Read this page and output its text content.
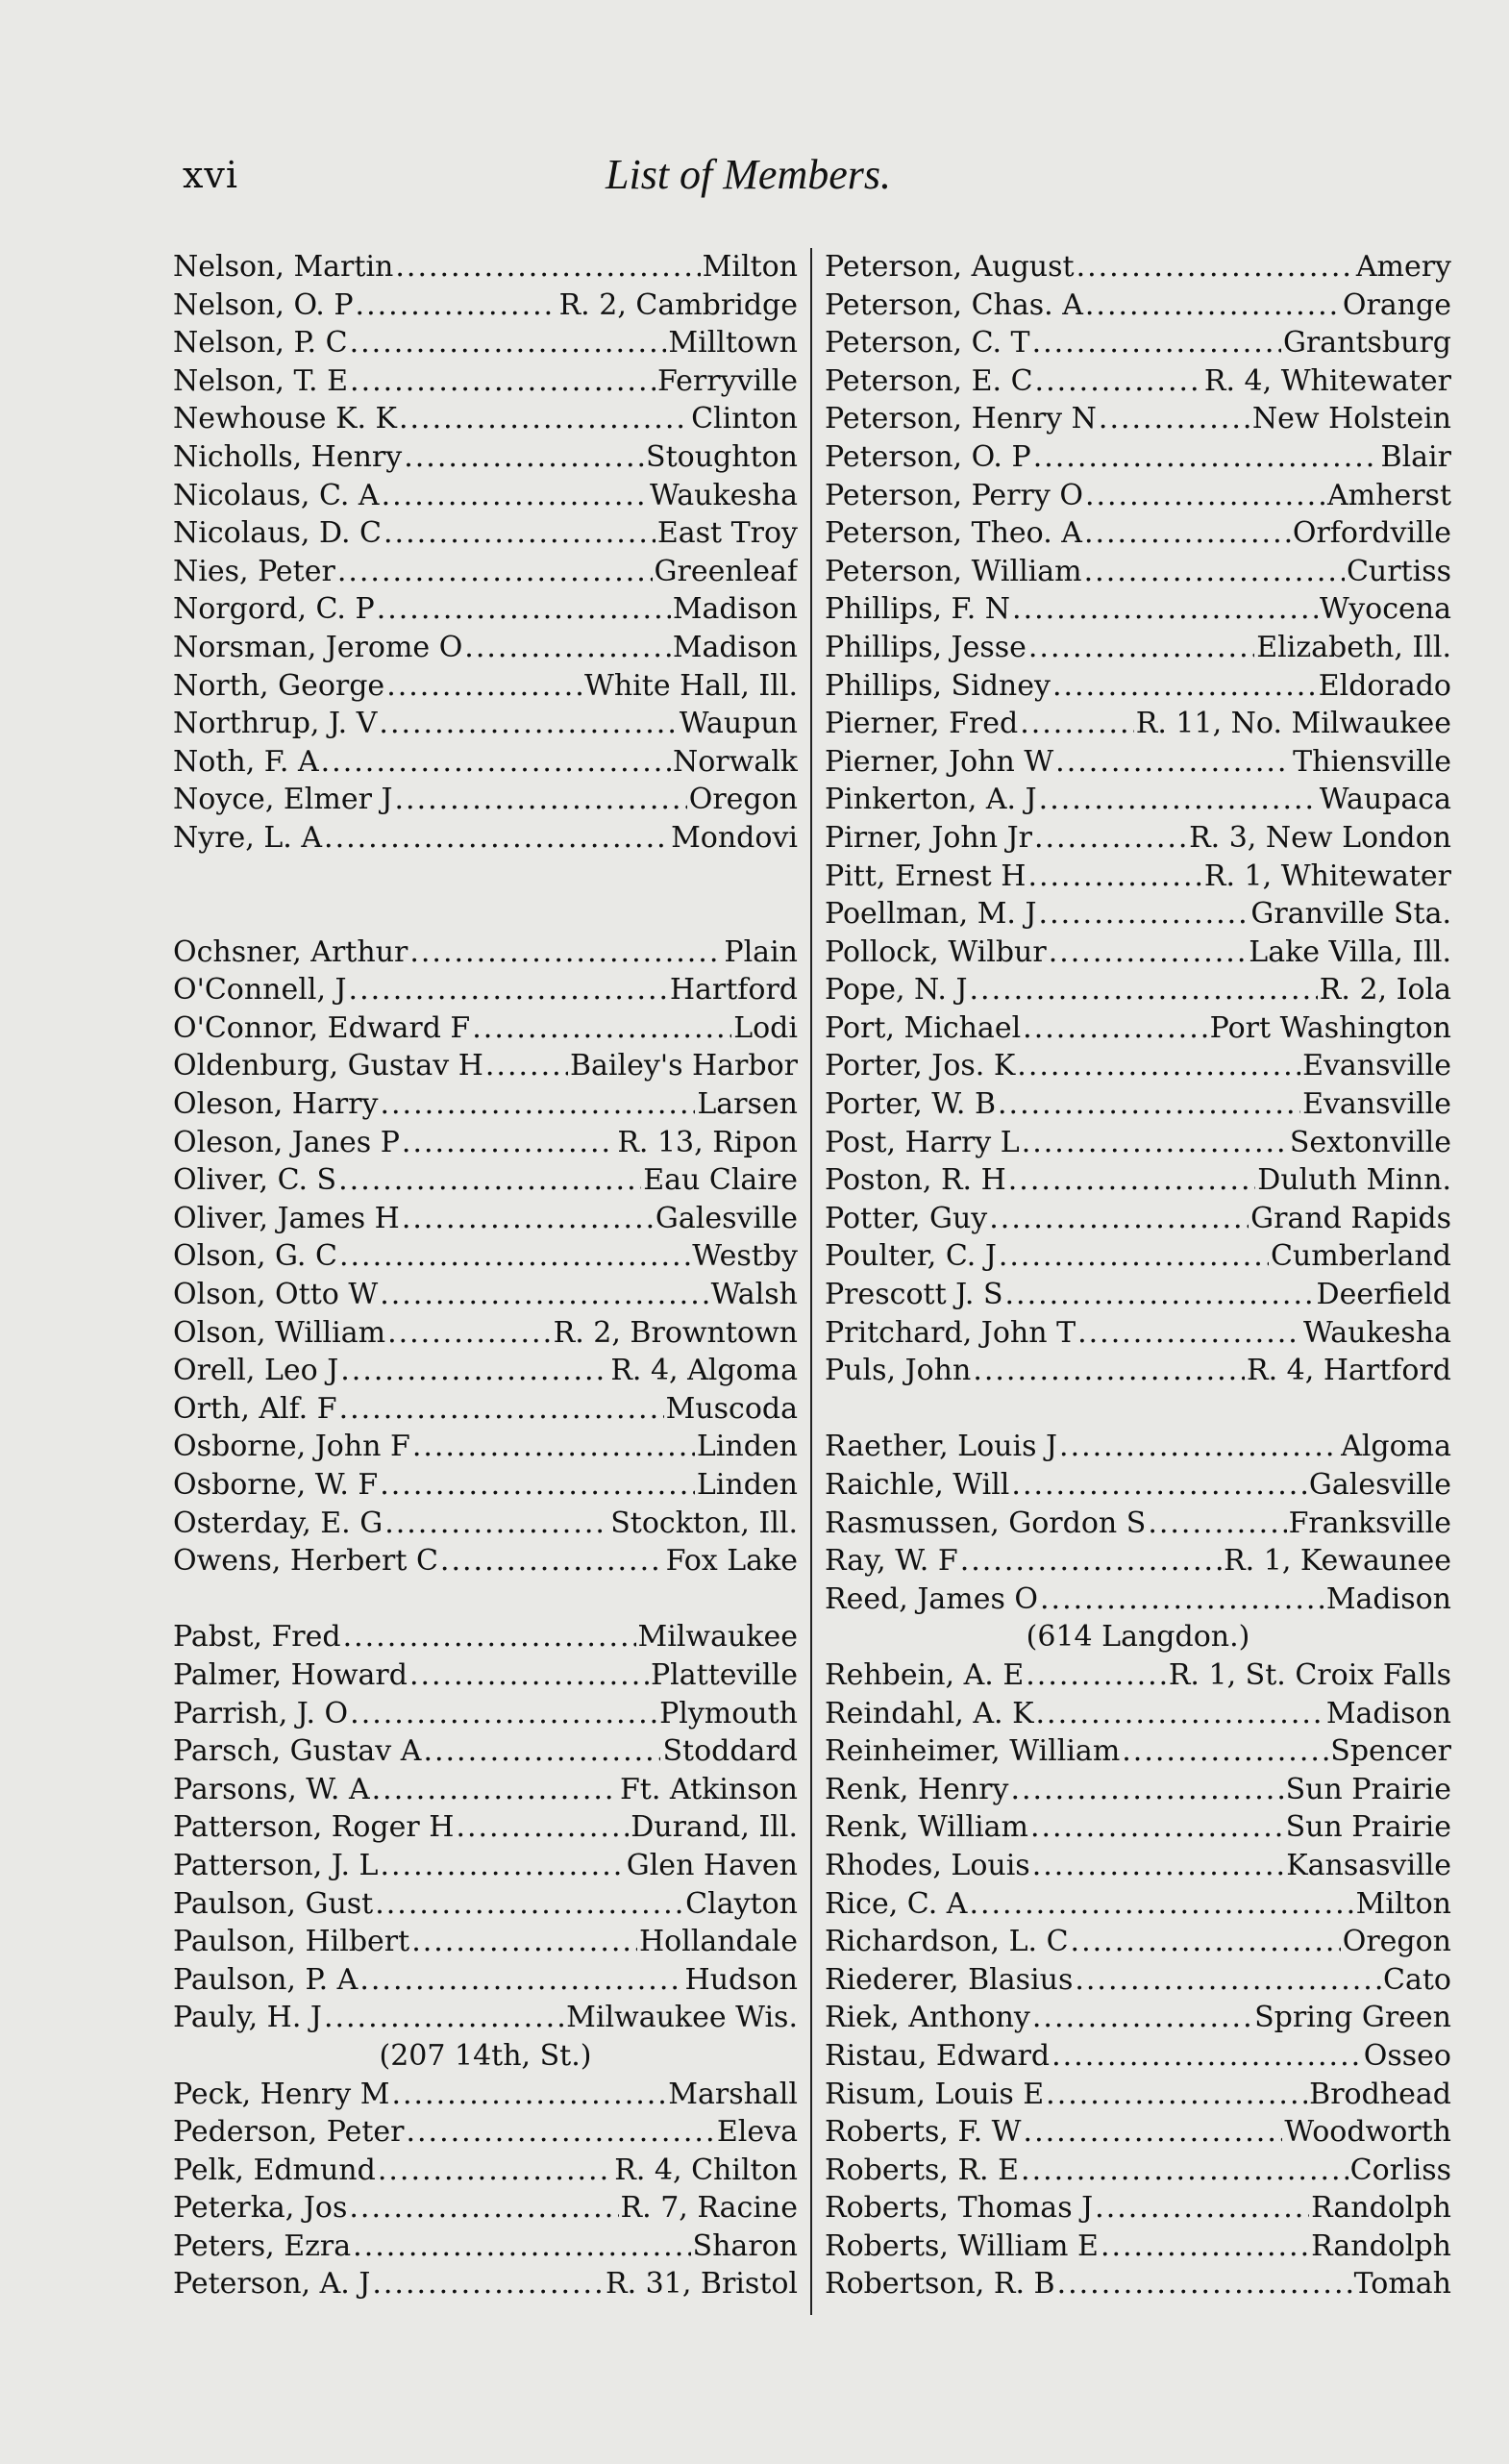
xvi	List of Members.
Nelson, Martin .....	Milton
Nelson, O. P .....	R. 2, Cambridge
Nelson, P. C .....	Milltown
Nelson, T. E .....	Ferryville
Newhouse K. K .....	Clinton
Nicholls, Henry .....	Stoughton
Nicolaus, C. A .....	Waukesha
Nicolaus, D. C .....	East Troy
Nies, Peter .....	Greenleaf
Norgord, C. P .....	Madison
Norsman, Jerome O .....	Madison
North, George .....	White Hall, Ill.
Northrup, J. V .....	Waupun
Noth, F. A .....	Norwalk
Noyce, Elmer J .....	Oregon
Nyre, L. A .....	Mondovi
Ochsner, Arthur .....	Plain
O'Connell, J .....	Hartford
O'Connor, Edward F .....	Lodi
Oldenburg, Gustav H .....	Bailey's Harbor
Oleson, Harry .....	Larsen
Oleson, Janes P .....	R. 13, Ripon
Oliver, C. S .....	Eau Claire
Oliver, James H .....	Galesville
Olson, G. C .....	Westby
Olson, Otto W .....	Walsh
Olson, William .....	R. 2, Browntown
Orell, Leo J .....	R. 4, Algoma
Orth, Alf. F .....	Muscoda
Osborne, John F .....	Linden
Osborne, W. F .....	Linden
Osterday, E. G .....	Stockton, Ill.
Owens, Herbert C .....	Fox Lake
Pabst, Fred .....	Milwaukee
Palmer, Howard .....	Platteville
Parrish, J. O .....	Plymouth
Parsch, Gustav A .....	Stoddard
Parsons, W. A .....	Ft. Atkinson
Patterson, Roger H .....	Durand, Ill.
Patterson, J. L .....	Glen Haven
Paulson, Gust .....	Clayton
Paulson, Hilbert .....	Hollandale
Paulson, P. A .....	Hudson
Pauly, H. J .....	Milwaukee Wis.
(207 14th, St.)
Peck, Henry M .....	Marshall
Pederson, Peter .....	Eleva
Pelk, Edmund .....	R. 4, Chilton
Peterka, Jos .....	R. 7, Racine
Peters, Ezra .....	Sharon
Peterson, A. J .....	R. 31, Bristol
Peterson, August .....	Amery
Peterson, Chas. A .....	Orange
Peterson, C. T .....	Grantsburg
Peterson, E. C .....	R. 4, Whitewater
Peterson, Henry N .....	New Holstein
Peterson, O. P .....	Blair
Peterson, Perry O .....	Amherst
Peterson, Theo. A .....	Orfordville
Peterson, William .....	Curtiss
Phillips, F. N .....	Wyocena
Phillips, Jesse .....	Elizabeth, Ill.
Phillips, Sidney .....	Eldorado
Pierner, Fred .....	R. 11, No. Milwaukee
Pierner, John W .....	Thiensville
Pinkerton, A. J .....	Waupaca
Pirner, John Jr .....	R. 3, New London
Pitt, Ernest H .....	R. 1, Whitewater
Poellman, M. J .....	Granville Sta.
Pollock, Wilbur .....	Lake Villa, Ill.
Pope, N. J .....	R. 2, Iola
Port, Michael .....	Port Washington
Porter, Jos. K .....	Evansville
Porter, W. B .....	Evansville
Post, Harry L .....	Sextonville
Poston, R. H .....	Duluth Minn.
Potter, Guy .....	Grand Rapids
Poulter, C. J .....	Cumberland
Prescott J. S .....	Deerfield
Pritchard, John T .....	Waukesha
Puls, John .....	R. 4, Hartford
Raether, Louis J .....	Algoma
Raichle, Will .....	Galesville
Rasmussen, Gordon S .....	Franksville
Ray, W. F .....	R. 1, Kewaunee
Reed, James O .....	Madison
(614 Langdon.)
Rehbein, A. E .....	R. 1, St. Croix Falls
Reindahl, A. K .....	Madison
Reinheimer, William .....	Spencer
Renk, Henry .....	Sun Prairie
Renk, William .....	Sun Prairie
Rhodes, Louis .....	Kansasville
Rice, C. A .....	Milton
Richardson, L. C .....	Oregon
Riederer, Blasius .....	Cato
Riek, Anthony .....	Spring Green
Ristau, Edward .....	Osseo
Risum, Louis E .....	Brodhead
Roberts, F. W .....	Woodworth
Roberts, R. E .....	Corliss
Roberts, Thomas J .....	Randolph
Roberts, William E .....	Randolph
Robertson, R. B .....	Tomah
